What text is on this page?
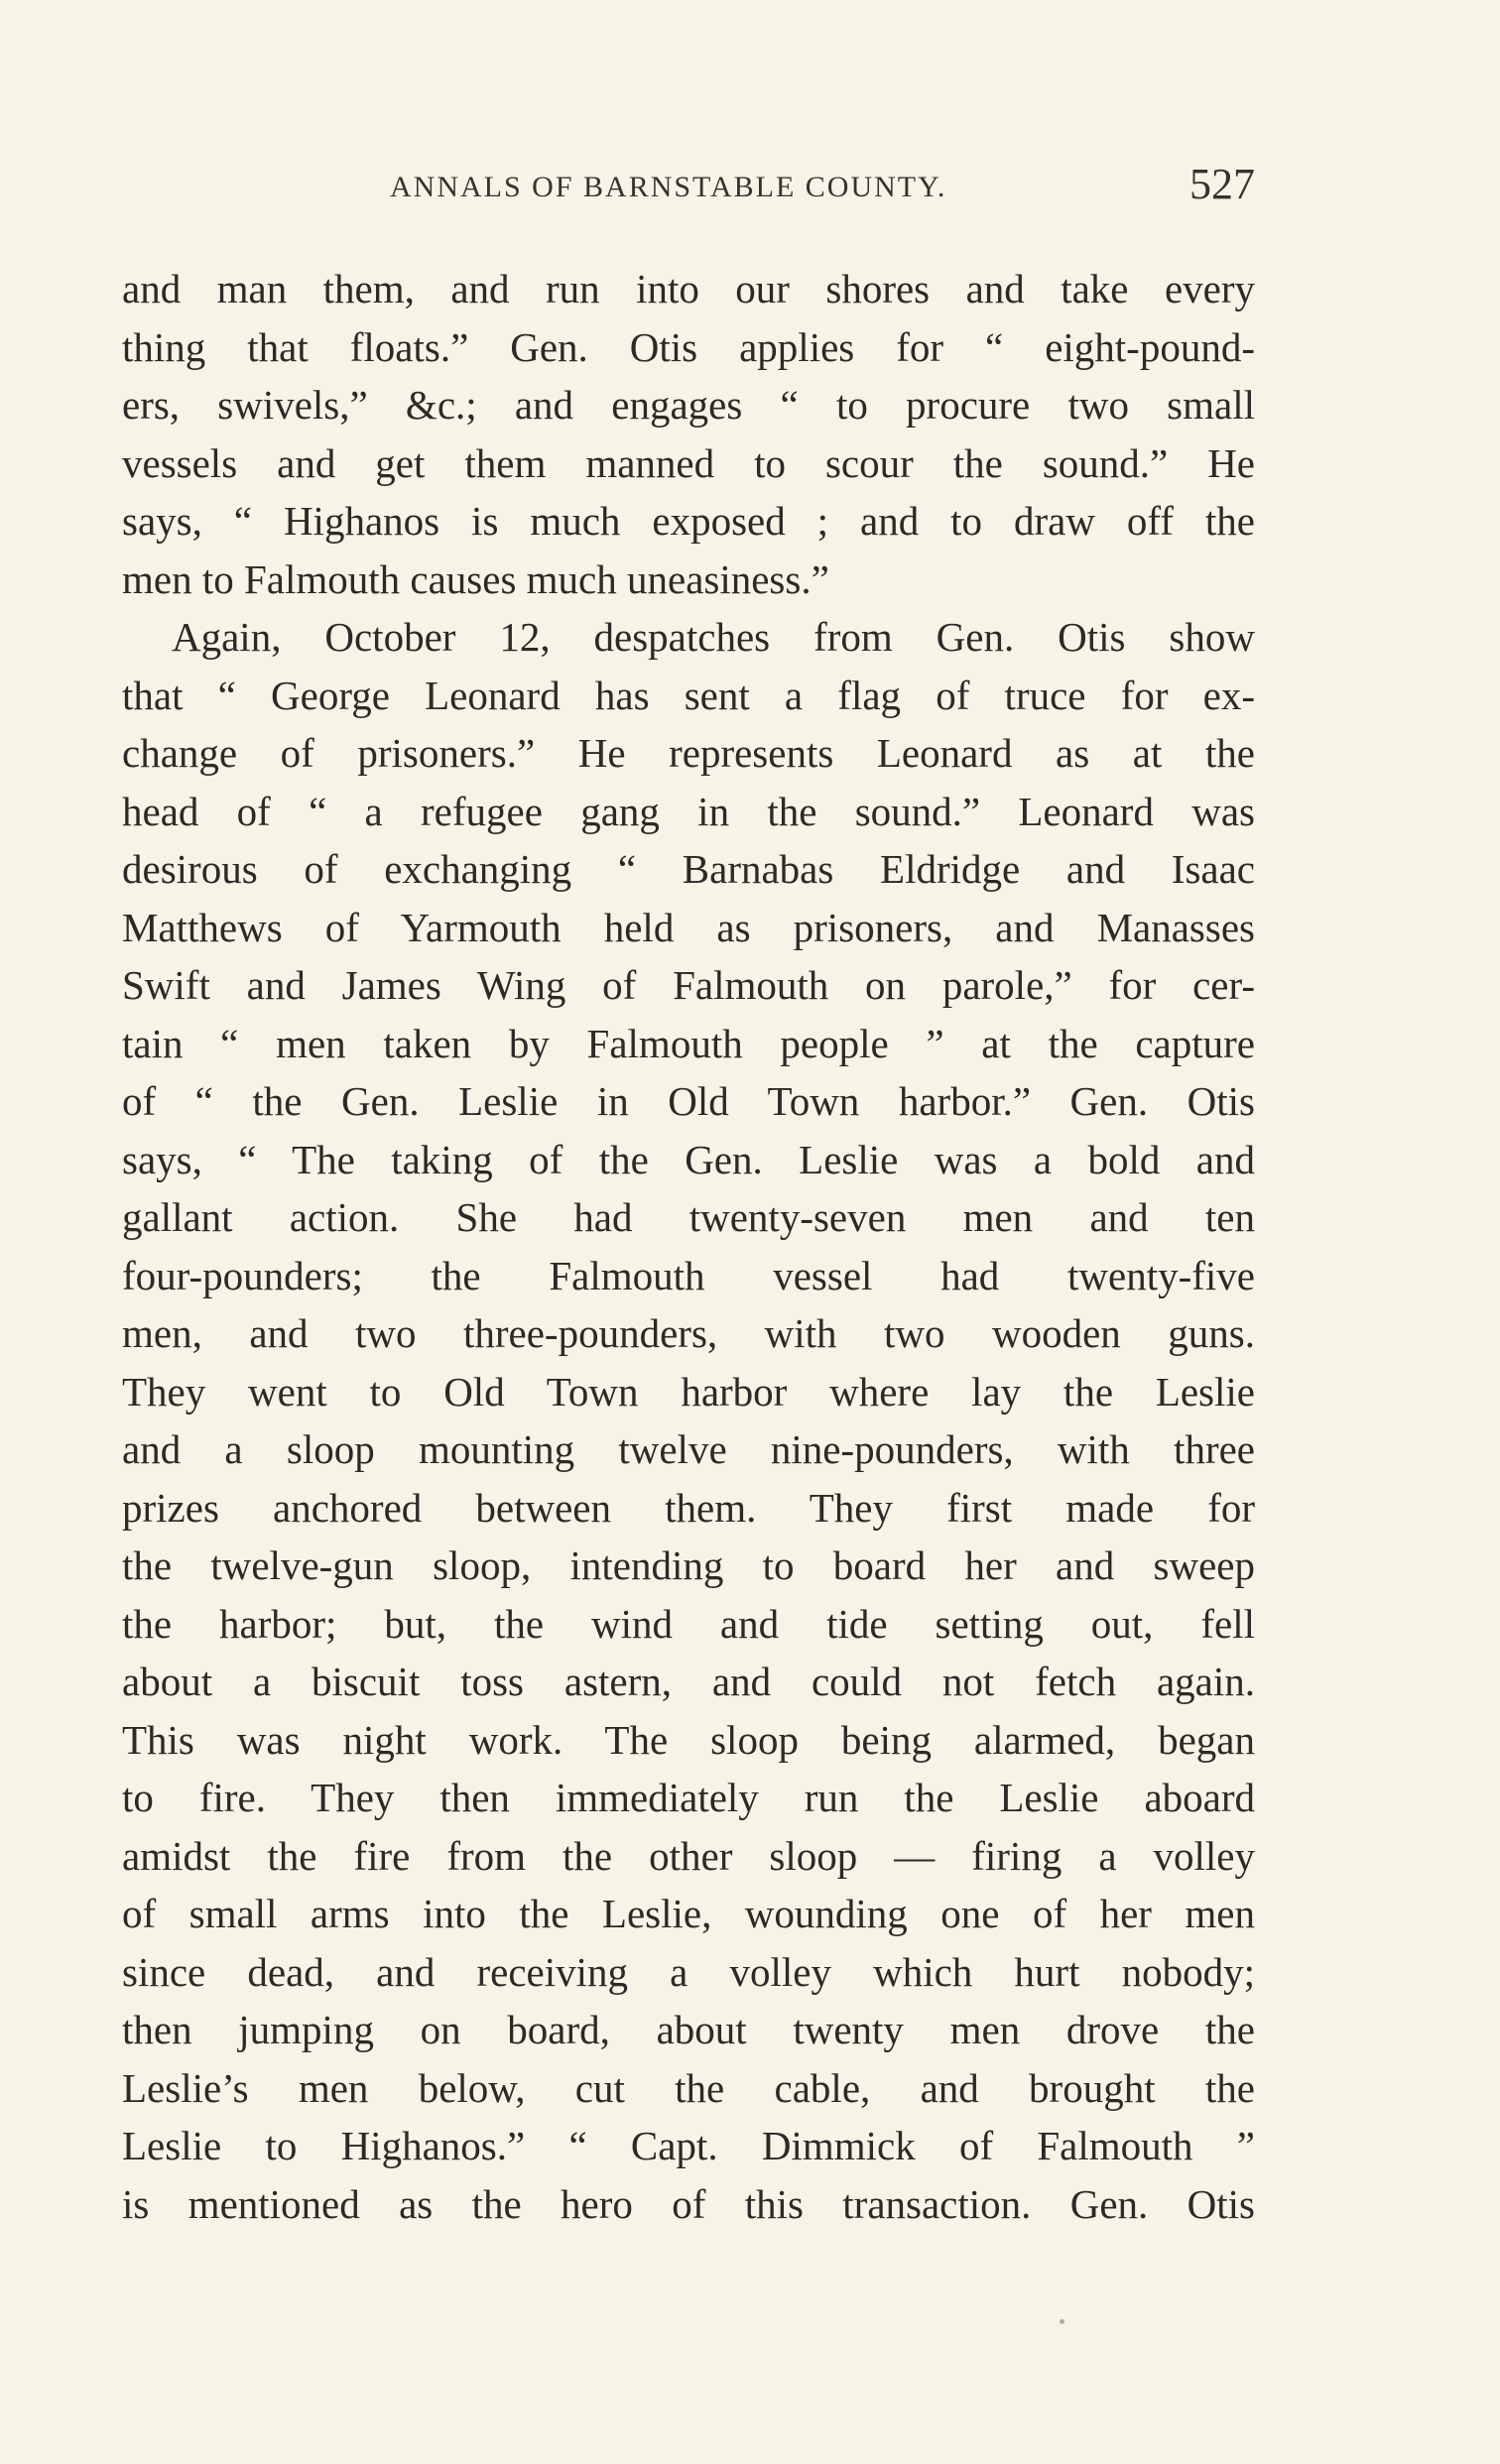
ANNALS OF BARNSTABLE COUNTY.	527
and man them, and run into our shores and take every
thing that floats.” Gen. Otis applies for “ eight-pound-
ers, swivels,” &c.; and engages “ to procure two small
vessels and get them manned to scour the sound.” He
says, “ Highanos is much exposed ; and to draw off the
men to Falmouth causes much uneasiness.”
Again, October 12, despatches from Gen. Otis show
that “ George Leonard has sent a flag of truce for ex-
change of prisoners.” He represents Leonard as at the
head of “ a refugee gang in the sound.” Leonard was
desirous of exchanging “ Barnabas Eldridge and Isaac
Matthews of Yarmouth held as prisoners, and Manasses
Swift and James Wing of Falmouth on parole,” for cer-
tain “ men taken by Falmouth people ” at the capture
of “ the Gen. Leslie in Old Town harbor.” Gen. Otis
says, “ The taking of the Gen. Leslie was a bold and
gallant action. She had twenty-seven men and ten
four-pounders; the Falmouth vessel had twenty-five
men, and two three-pounders, with two wooden guns.
They went to Old Town harbor where lay the Leslie
and a sloop mounting twelve nine-pounders, with three
prizes anchored between them. They first made for
the twelve-gun sloop, intending to board her and sweep
the harbor; but, the wind and tide setting out, fell
about a biscuit toss astern, and could not fetch again.
This was night work. The sloop being alarmed, began
to fire. They then immediately run the Leslie aboard
amidst the fire from the other sloop — firing a volley
of small arms into the Leslie, wounding one of her men
since dead, and receiving a volley which hurt nobody;
then jumping on board, about twenty men drove the
Leslie’s men below, cut the cable, and brought the
Leslie to Highanos.” “ Capt. Dimmick of Falmouth ”
is mentioned as the hero of this transaction. Gen. Otis
